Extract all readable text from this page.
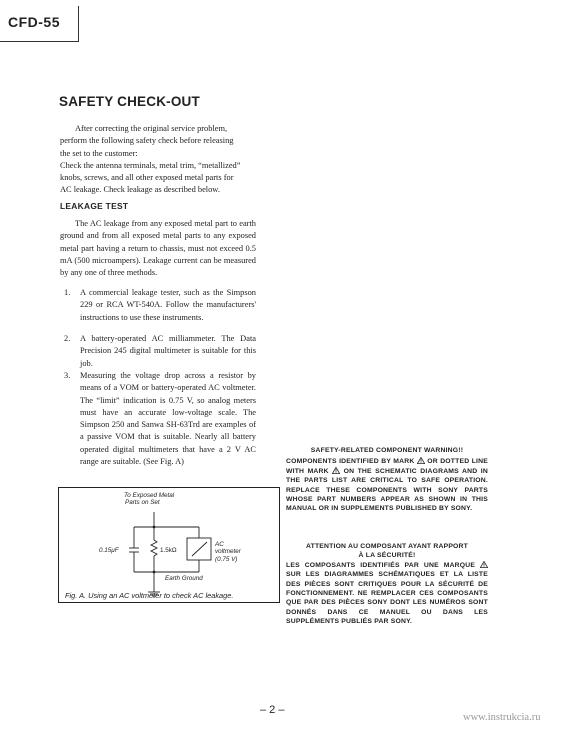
CFD-55
SAFETY CHECK-OUT
After correcting the original service problem,
perform the following safety check before releasing
the set to the customer:
Check the antenna terminals, metal trim, “metallized”
knobs, screws, and all other exposed metal parts for
AC leakage. Check leakage as described below.
LEAKAGE TEST
The AC leakage from any exposed metal part to earth ground and from all exposed metal parts to any exposed metal part having a return to chassis, must not exceed 0.5 mA (500 microampers). Leakage current can be measured by any one of three methods.
1. A commercial leakage tester, such as the Simpson 229 or RCA WT-540A. Follow the manufacturers' instructions to use these instruments.
2. A battery-operated AC milliammeter. The Data Precision 245 digital multimeter is suitable for this job.
3. Measuring the voltage drop across a resistor by means of a VOM or battery-operated AC voltmeter. The “limit” indication is 0.75 V, so analog meters must have an accurate low-voltage scale. The Simpson 250 and Sanwa SH-63Trd are examples of a passive VOM that is suitable. Nearly all battery operated digital multimeters that have a 2 V AC range are suitable. (See Fig. A)
To Exposed Metal
Parts on Set
0.15μF	1.5kΩ
AC
voltmeter
(0.75 V)
Earth Ground
Fig. A. Using an AC voltmeter to check AC leakage.
SAFETY-RELATED COMPONENT WARNING!!
COMPONENTS IDENTIFIED BY MARK  OR DOTTED LINE WITH MARK  ON THE SCHEMATIC DIAGRAMS AND IN THE PARTS LIST ARE CRITICAL TO SAFE OPERATION. REPLACE THESE COMPONENTS WITH SONY PARTS WHOSE PART NUMBERS APPEAR AS SHOWN IN THIS MANUAL OR IN SUPPLEMENTS PUBLISHED BY SONY.
ATTENTION AU COMPOSANT AYANT RAPPORT
À LA SÉCURITÉ!
LES COMPOSANTS IDENTIFIÉS PAR UNE MARQUE  SUR LES DIAGRAMMES SCHÉMATIQUES ET LA LISTE DES PIÈCES SONT CRITIQUES POUR LA SÉCURITÉ DE FONCTIONNEMENT. NE REMPLACER CES COMPOSANTS QUE PAR DES PIÈCES SONY DONT LES NUMÉROS SONT DONNÉS DANS CE MANUEL OU DANS LES SUPPLÉMENTS PUBLIÉS PAR SONY.
– 2 –
www.instrukcia.ru
